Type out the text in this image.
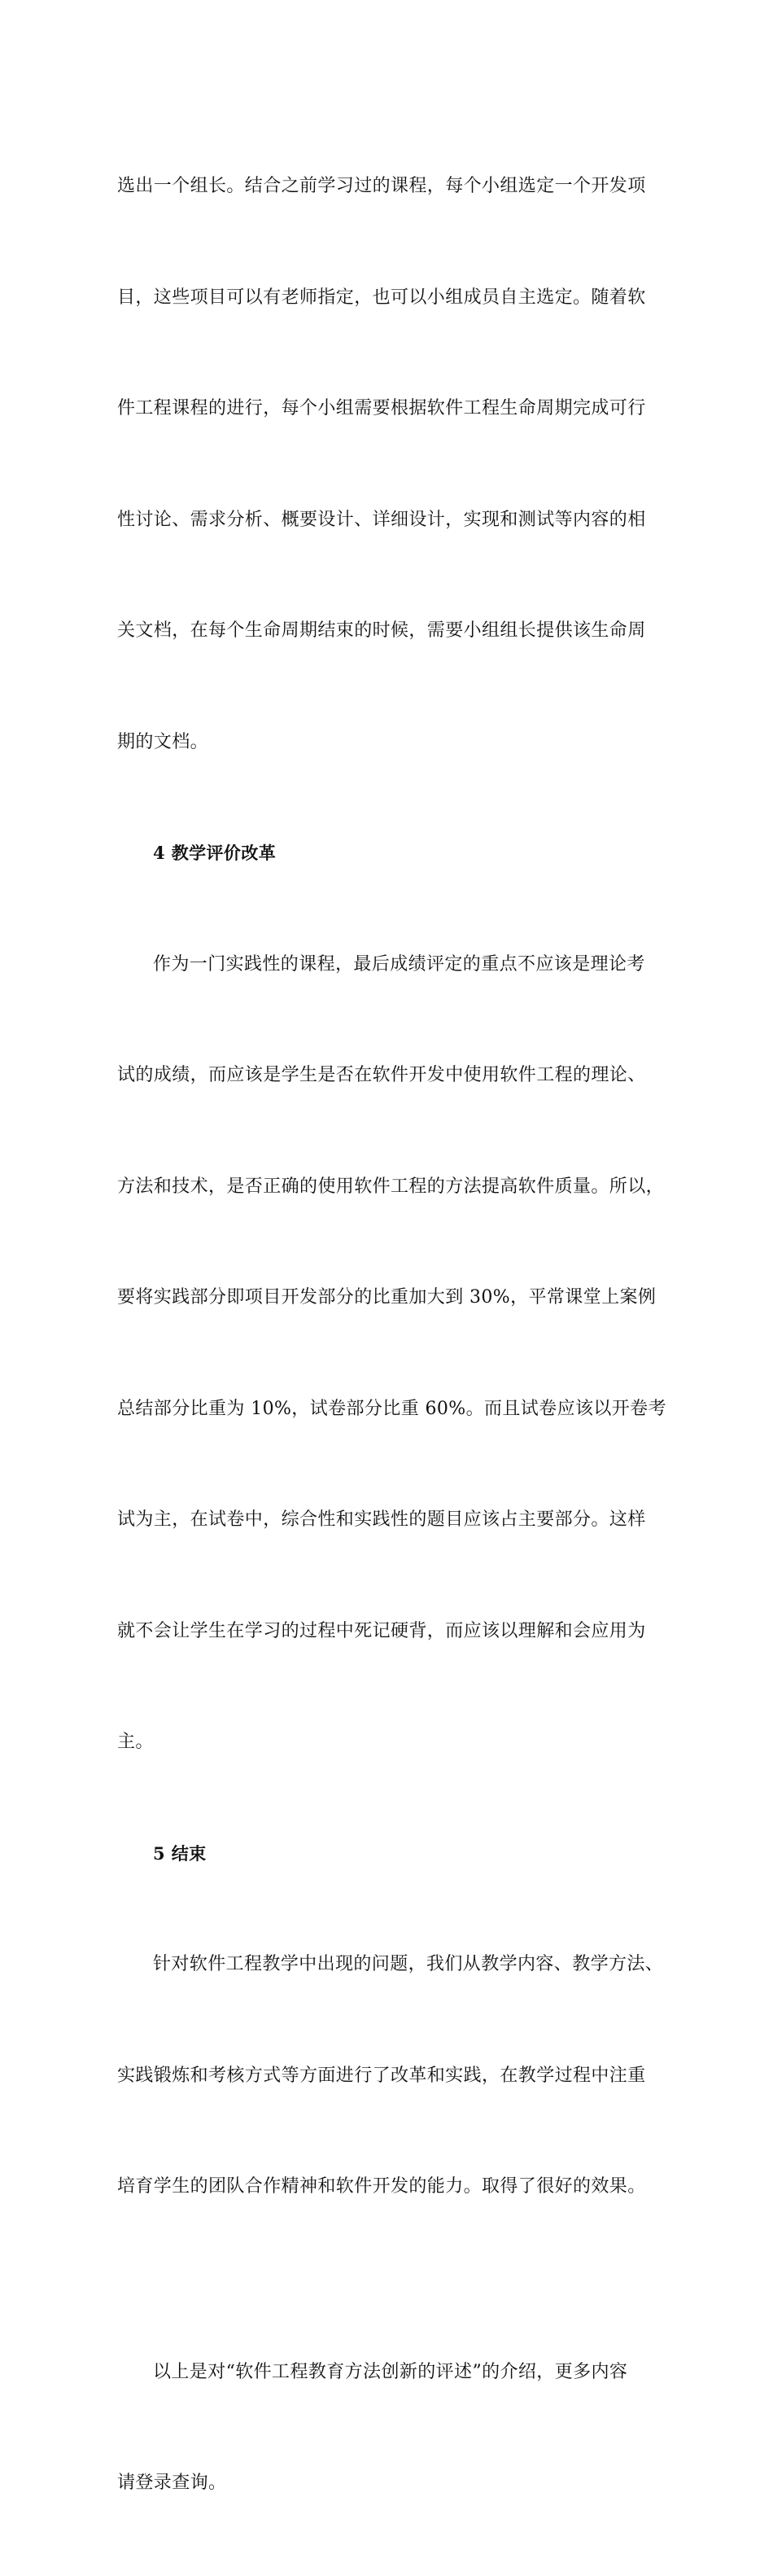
选出一个组长。结合之前学习过的课程，每个小组选定一个开发项

目，这些项目可以有老师指定，也可以小组成员自主选定。随着软

件工程课程的进行，每个小组需要根据软件工程生命周期完成可行

性讨论、需求分析、概要设计、详细设计，实现和测试等内容的相

关文档，在每个生命周期结束的时候，需要小组组长提供该生命周

期的文档。

4 教学评价改革

作为一门实践性的课程，最后成绩评定的重点不应该是理论考

试的成绩，而应该是学生是否在软件开发中使用软件工程的理论、

方法和技术，是否正确的使用软件工程的方法提高软件质量。所以，

要将实践部分即项目开发部分的比重加大到 30%，平常课堂上案例

总结部分比重为 10%，试卷部分比重 60%。而且试卷应该以开卷考

试为主，在试卷中，综合性和实践性的题目应该占主要部分。这样

就不会让学生在学习的过程中死记硬背，而应该以理解和会应用为

主。

5 结束

针对软件工程教学中出现的问题，我们从教学内容、教学方法、

实践锻炼和考核方式等方面进行了改革和实践，在教学过程中注重

培育学生的团队合作精神和软件开发的能力。取得了很好的效果。

以上是对“软件工程教育方法创新的评述”的介绍，更多内容

请登录查询。
